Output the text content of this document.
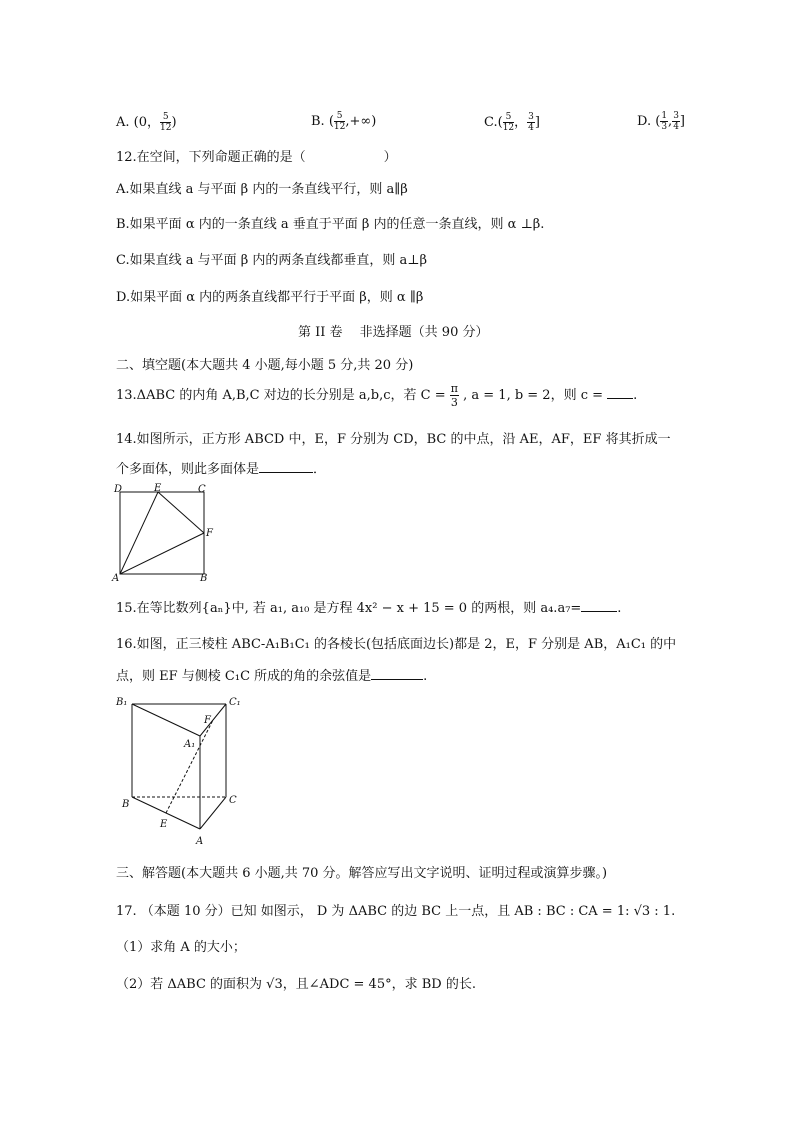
A. (0， $\frac{5}{12}$ )	B. ( $\frac{5}{12}$ ,+∞)	$C.( \frac{5}{12}$ ， $\frac{3}{4}$ ]	D. ( $\frac{1}{3}$ , $\frac{3}{4}$ ]
12.在空间，下列命题正确的是（　　　　　　）
A.如果直线 a 与平面 β 内的一条直线平行，则 a∥β
B.如果平面 α 内的一条直线 a 垂直于平面 β 内的任意一条直线，则 α ⊥β.
C.如果直线 a 与平面 β 内的两条直线都垂直，则 a⊥β
D.如果平面 α 内的两条直线都平行于平面 β，则 α ∥β
第 II 卷　 非选择题（共 90 分）
二、填空题(本大题共 4 小题,每小题 5 分,共 20 分)
13.ΔABC 的内角 A,B,C 对边的长分别是 a,b,c，若 $C = \frac{\pi}{3}$ , a = 1, b = 2，则 c = .
14.如图所示，正方形 ABCD 中，E，F 分别为 CD，BC 的中点，沿 AE，AF，EF 将其折成一
个多面体，则此多面体是	．
D	E	C
F
A	B
15.在等比数列{aₙ}中, 若 a₁, a₁₀ 是方程 4x² − x + 15 = 0 的两根，则 a₄.a₇=	.
16.如图，正三棱柱 ABC-A₁B₁C₁ 的各棱长(包括底面边长)都是 2，E，F 分别是 AB，A₁C₁ 的中
点，则 EF 与侧棱 C₁C 所成的角的余弦值是	.
B₁	C₁
F
A₁
B	C
E
A
三、解答题(本大题共 6 小题,共 70 分。解答应写出文字说明、证明过程或演算步骤。)
17. （本题 10 分）已知 如图示， D 为 ΔABC 的边 BC 上一点，且 AB : BC : CA = 1: √3 : 1.
（1）求角 A 的大小；
（2）若 ΔABC 的面积为 √3，且∠ADC = 45°，求 BD 的长.
